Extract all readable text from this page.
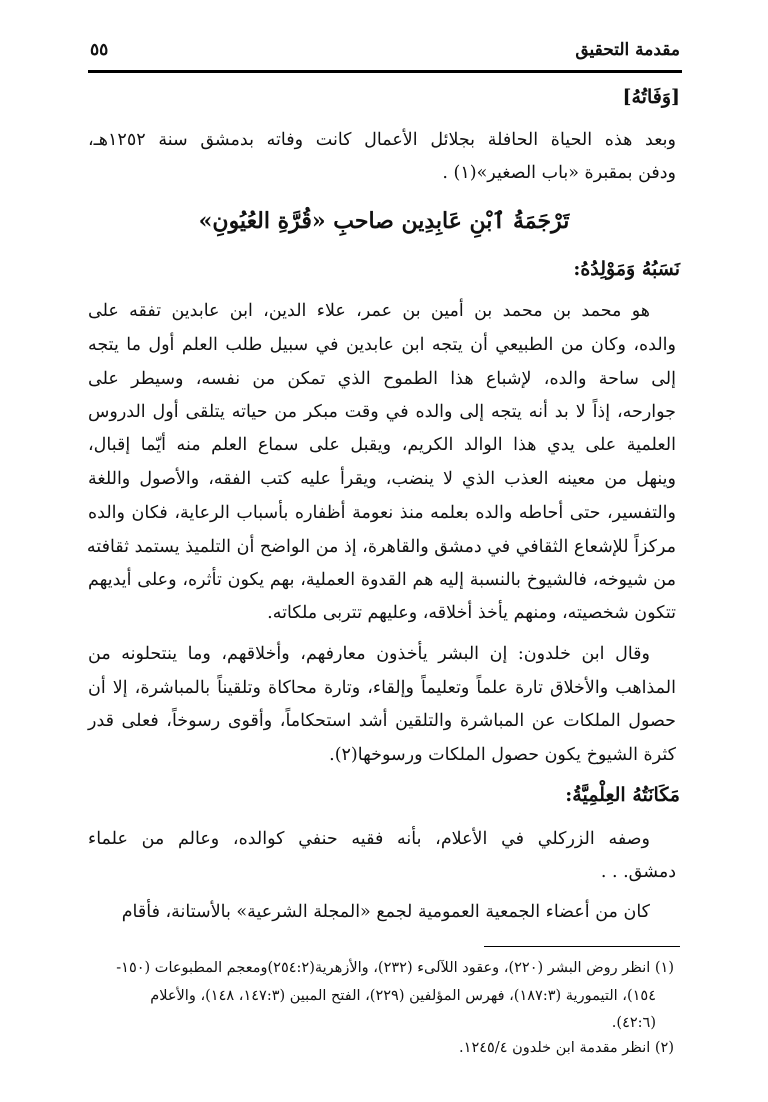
مقدمة التحقيق
٥٥
[وَفَاتُهُ]
وبعد هذه الحياة الحافلة بجلائل الأعمال كانت وفاته بدمشق سنة ١٢٥٢هـ،
ودفن بمقبرة «باب الصغير»(١) .
تَرْجَمَةُ ٱبْنِ عَابِدِين صاحبِ «قُرَّةِ العُيُونِ»
نَسَبُهُ وَمَوْلِدُهُ:
هو محمد بن محمد بن أمين بن عمر، علاء الدين، ابن عابدين تفقه على
والده، وكان من الطبيعي أن يتجه ابن عابدين في سبيل طلب العلم أول ما يتجه
إلى ساحة والده، لإشباع هذا الطموح الذي تمكن من نفسه، وسيطر على
جوارحه، إذاً لا بد أنه يتجه إلى والده في وقت مبكر من حياته يتلقى أول الدروس
العلمية على يدي هذا الوالد الكريم، ويقبل على سماع العلم منه أيّما إقبال،
وينهل من معينه العذب الذي لا ينضب، ويقرأ عليه كتب الفقه، والأصول واللغة
والتفسير، حتى أحاطه والده بعلمه منذ نعومة أظفاره بأسباب الرعاية، فكان والده
مركزاً للإشعاع الثقافي في دمشق والقاهرة، إذ من الواضح أن التلميذ يستمد ثقافته
من شيوخه، فالشيوخ بالنسبة إليه هم القدوة العملية، بهم يكون تأثره، وعلى أيديهم
تتكون شخصيته، ومنهم يأخذ أخلاقه، وعليهم تتربى ملكاته.
وقال ابن خلدون: إن البشر يأخذون معارفهم، وأخلاقهم، وما ينتحلونه من
المذاهب والأخلاق تارة علماً وتعليماً وإلقاء، وتارة محاكاة وتلقيناً بالمباشرة، إلا أن
حصول الملكات عن المباشرة والتلقين أشد استحكاماً، وأقوى رسوخاً، فعلى قدر
كثرة الشيوخ يكون حصول الملكات ورسوخها(٢).
مَكَانَتُهُ العِلْمِيَّةُ:
وصفه الزركلي في الأعلام، بأنه فقيه حنفي كوالده، وعالم من علماء
دمشق. . .
كان من أعضاء الجمعية العمومية لجمع «المجلة الشرعية» بالأستانة، فأقام
(١) انظر روض البشر (٢٢٠)، وعقود اللآلىء (٢٣٢)، والأزهرية(٢٥٤:٢)ومعجم المطبوعات (١٥٠-
١٥٤)، التيمورية (١٨٧:٣)، فهرس المؤلفين (٢٢٩)، الفتح المبين (١٤٧:٣، ١٤٨)، والأعلام
(٤٢:٦).
(٢) انظر مقدمة ابن خلدون ١٢٤٥/٤.
